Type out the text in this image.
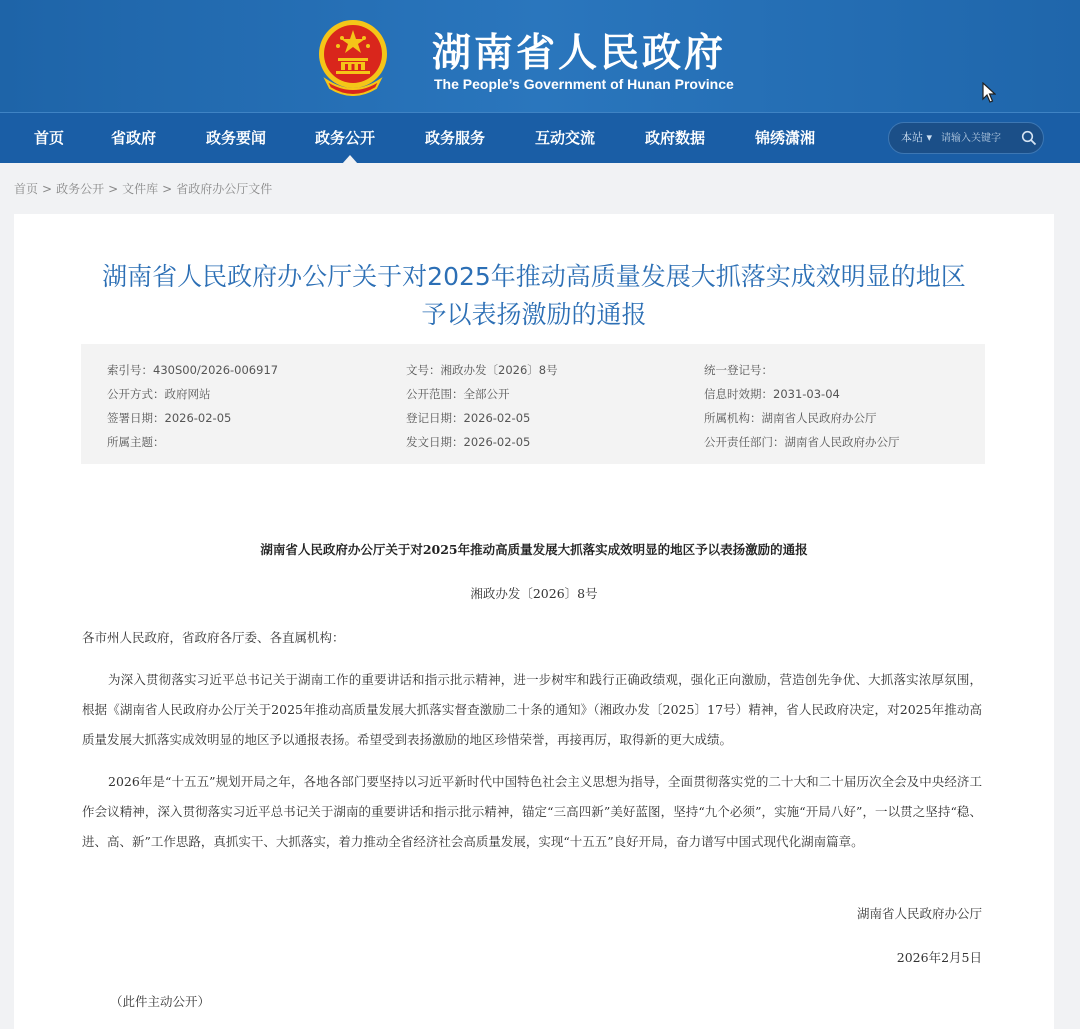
湖南省人民政府
The People’s Government of Hunan Province
首页	省政府	政务要闻	政务公开	政务服务	互动交流	政府数据	锦绣潇湘	本站 ▾
请输入关键字
首页 > 政务公开 > 文件库 > 省政府办公厅文件
湖南省人民政府办公厅关于对2025年推动高质量发展大抓落实成效明显的地区
予以表扬激励的通报
索引号：430S00/2026-006917	文号：湘政办发〔2026〕8号	统一登记号：
公开方式：政府网站	公开范围：全部公开	信息时效期：2031-03-04
签署日期：2026-02-05	登记日期：2026-02-05	所属机构：湖南省人民政府办公厅
所属主题：	发文日期：2026-02-05	公开责任部门：湖南省人民政府办公厅
湖南省人民政府办公厅关于对2025年推动高质量发展大抓落实成效明显的地区予以表扬激励的通报
湘政办发〔2026〕8号
各市州人民政府，省政府各厅委、各直属机构：
为深入贯彻落实习近平总书记关于湖南工作的重要讲话和指示批示精神，进一步树牢和践行正确政绩观，强化正向激励，营造创先争优、大抓落实浓厚氛围，根据《湖南省人民政府办公厅关于2025年推动高质量发展大抓落实督查激励二十条的通知》（湘政办发〔2025〕17号）精神，省人民政府决定，对2025年推动高质量发展大抓落实成效明显的地区予以通报表扬。希望受到表扬激励的地区珍惜荣誉，再接再厉，取得新的更大成绩。
2026年是“十五五”规划开局之年，各地各部门要坚持以习近平新时代中国特色社会主义思想为指导，全面贯彻落实党的二十大和二十届历次全会及中央经济工作会议精神，深入贯彻落实习近平总书记关于湖南的重要讲话和指示批示精神，锚定“三高四新”美好蓝图，坚持“九个必须”，实施“开局八好”，一以贯之坚持“稳、进、高、新”工作思路，真抓实干、大抓落实，着力推动全省经济社会高质量发展，实现“十五五”良好开局，奋力谱写中国式现代化湖南篇章。
湖南省人民政府办公厅
2026年2月5日
（此件主动公开）
